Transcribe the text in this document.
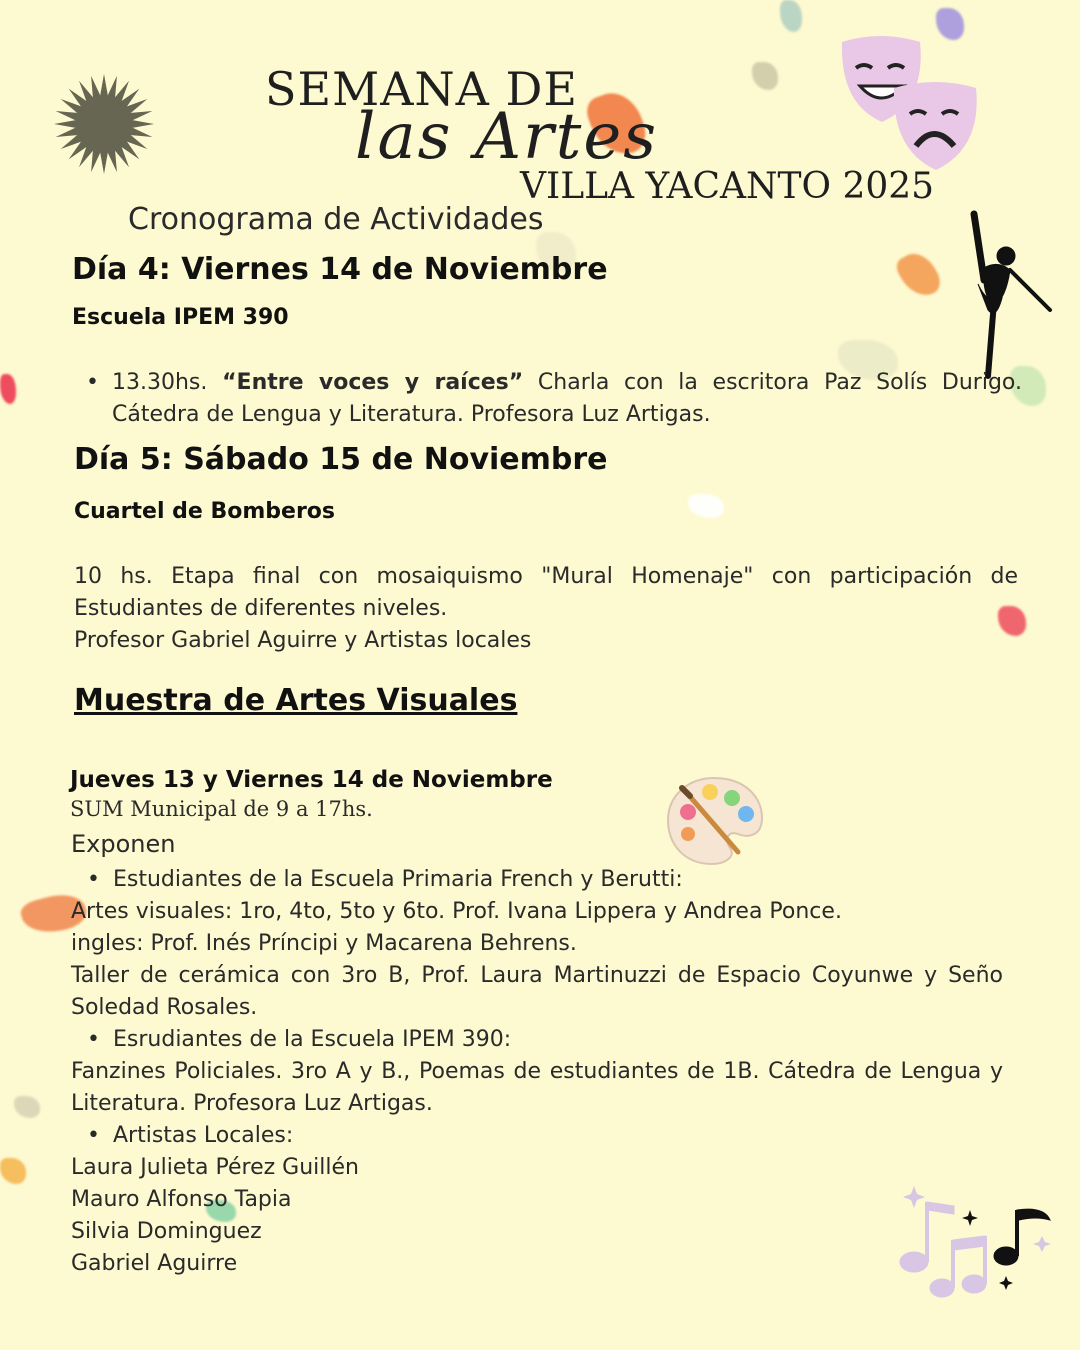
SEMANA DE
las Artes
VILLA YACANTO 2025
Cronograma de Actividades
Día 4: Viernes 14 de Noviembre
Escuela IPEM 390
• 13.30hs. “Entre voces y raíces” Charla con la escritora Paz Solís Durigo. Cátedra de Lengua y Literatura. Profesora Luz Artigas.
Día 5: Sábado 15 de Noviembre
Cuartel de Bomberos
10 hs. Etapa final con mosaiquismo "Mural Homenaje" con participación de Estudiantes de diferentes niveles.
Profesor Gabriel Aguirre y Artistas locales
Muestra de Artes Visuales
Jueves 13 y Viernes 14 de Noviembre
SUM Municipal de 9 a 17hs.
Exponen
• Estudiantes de la Escuela Primaria French y Berutti:
Artes visuales: 1ro, 4to, 5to y 6to. Prof. Ivana Lippera y Andrea Ponce.
ingles: Prof. Inés Príncipi y Macarena Behrens.
Taller de cerámica con 3ro B, Prof. Laura Martinuzzi de Espacio Coyunwe y Seño Soledad Rosales.
• Esrudiantes de la Escuela IPEM 390:
Fanzines Policiales. 3ro A y B., Poemas de estudiantes de 1B. Cátedra de Lengua y Literatura. Profesora Luz Artigas.
• Artistas Locales:
Laura Julieta Pérez Guillén
Mauro Alfonso Tapia
Silvia Dominguez
Gabriel Aguirre
